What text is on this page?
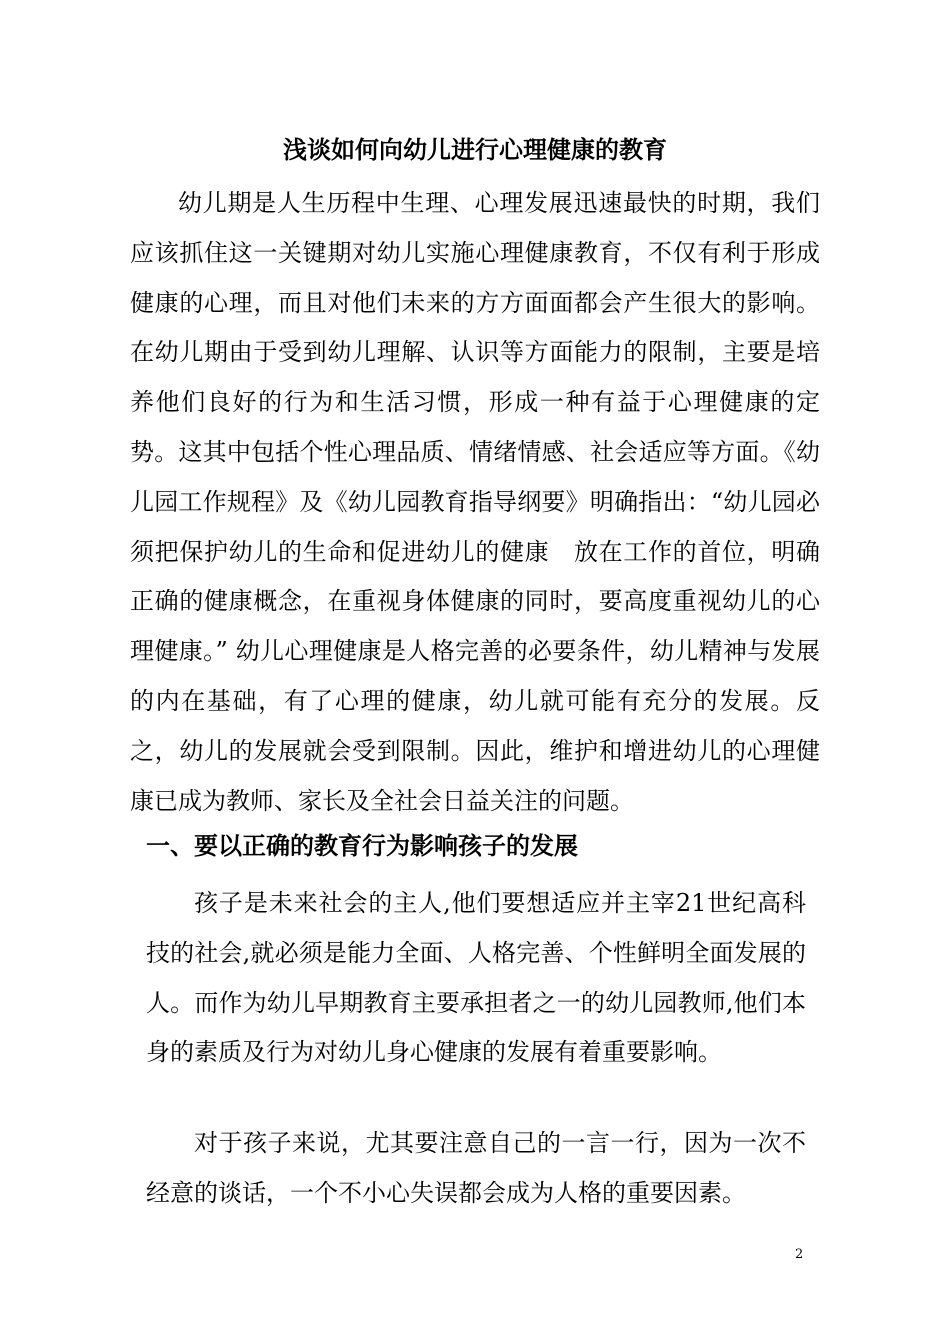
浅谈如何向幼儿进行心理健康的教育

幼儿期是人生历程中生理、心理发展迅速最快的时期，我们应该抓住这一关键期对幼儿实施心理健康教育，不仅有利于形成健康的心理，而且对他们未来的方方面面都会产生很大的影响。在幼儿期由于受到幼儿理解、认识等方面能力的限制，主要是培养他们良好的行为和生活习惯，形成一种有益于心理健康的定势。这其中包括个性心理品质、情绪情感、社会适应等方面。《幼儿园工作规程》及《幼儿园教育指导纲要》明确指出：“幼儿园必须把保护幼儿的生命和促进幼儿的健康　放在工作的首位，明确正确的健康概念，在重视身体健康的同时，要高度重视幼儿的心理健康。” 幼儿心理健康是人格完善的必要条件，幼儿精神与发展的内在基础，有了心理的健康，幼儿就可能有充分的发展。反之，幼儿的发展就会受到限制。因此，维护和增进幼儿的心理健康已成为教师、家长及全社会日益关注的问题。

一、要以正确的教育行为影响孩子的发展

孩子是未来社会的主人,他们要想适应并主宰21世纪高科技的社会,就必须是能力全面、人格完善、个性鲜明全面发展的人。而作为幼儿早期教育主要承担者之一的幼儿园教师,他们本身的素质及行为对幼儿身心健康的发展有着重要影响。

对于孩子来说，尤其要注意自己的一言一行，因为一次不经意的谈话，一个不小心失误都会成为人格的重要因素。

2
